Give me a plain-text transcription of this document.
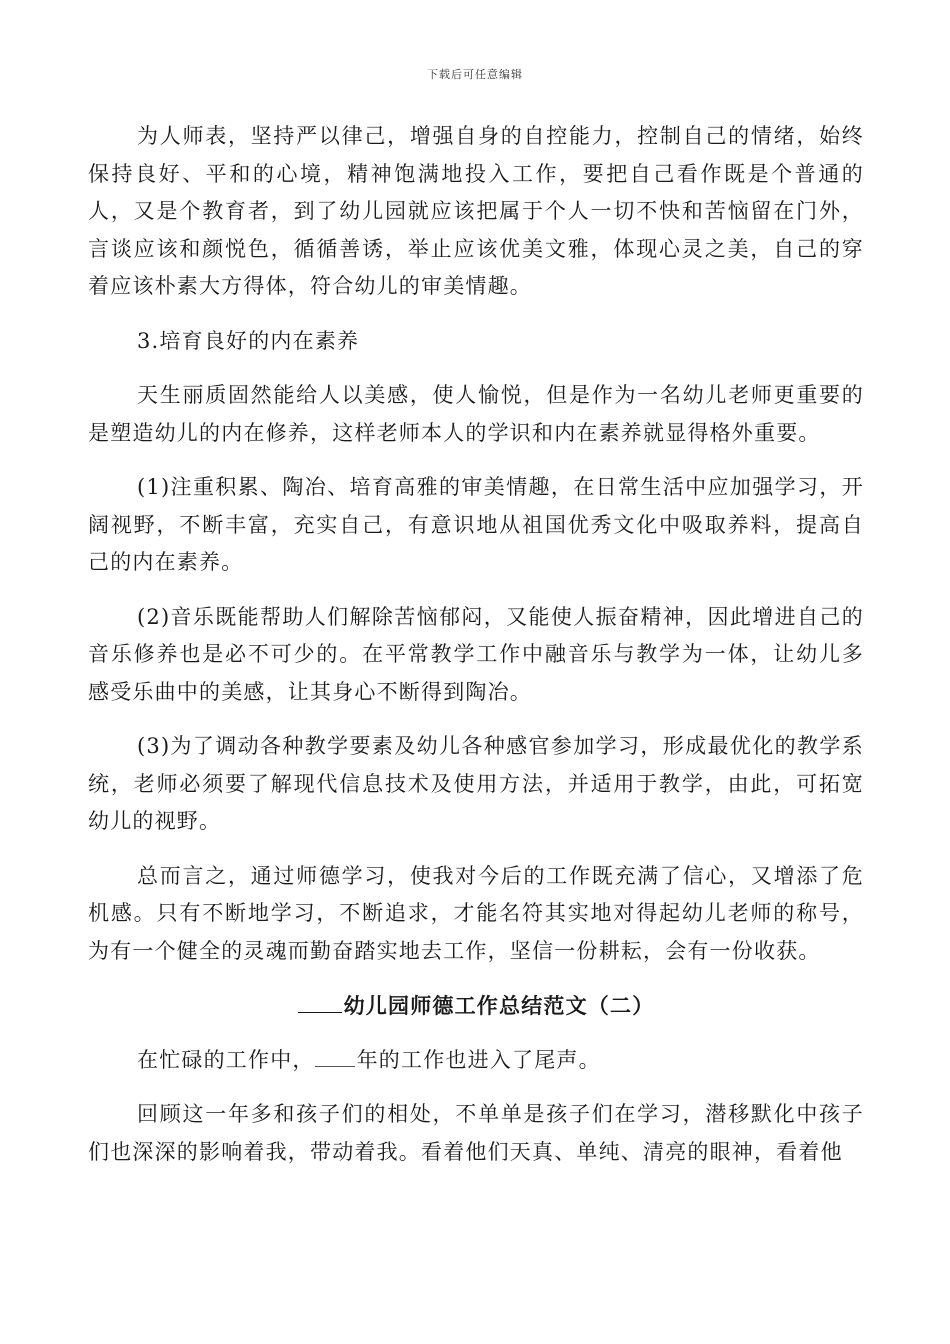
下载后可任意编辑

为人师表，坚持严以律己，增强自身的自控能力，控制自己的情绪，始终保持良好、平和的心境，精神饱满地投入工作，要把自己看作既是个普通的人，又是个教育者，到了幼儿园就应该把属于个人一切不快和苦恼留在门外，言谈应该和颜悦色，循循善诱，举止应该优美文雅，体现心灵之美，自己的穿着应该朴素大方得体，符合幼儿的审美情趣。

3.培育良好的内在素养

天生丽质固然能给人以美感，使人愉悦，但是作为一名幼儿老师更重要的是塑造幼儿的内在修养，这样老师本人的学识和内在素养就显得格外重要。

(1)注重积累、陶冶、培育高雅的审美情趣，在日常生活中应加强学习，开阔视野，不断丰富，充实自己，有意识地从祖国优秀文化中吸取养料，提高自己的内在素养。

(2)音乐既能帮助人们解除苦恼郁闷，又能使人振奋精神，因此增进自己的音乐修养也是必不可少的。在平常教学工作中融音乐与教学为一体，让幼儿多感受乐曲中的美感，让其身心不断得到陶冶。

(3)为了调动各种教学要素及幼儿各种感官参加学习，形成最优化的教学系统，老师必须要了解现代信息技术及使用方法，并适用于教学，由此，可拓宽幼儿的视野。

总而言之，通过师德学习，使我对今后的工作既充满了信心，又增添了危机感。只有不断地学习，不断追求，才能名符其实地对得起幼儿老师的称号，为有一个健全的灵魂而勤奋踏实地去工作，坚信一份耕耘，会有一份收获。

幼儿园师德工作总结范文（二）

在忙碌的工作中， 年的工作也进入了尾声。

回顾这一年多和孩子们的相处，不单单是孩子们在学习，潜移默化中孩子们也深深的影响着我，带动着我。看着他们天真、单纯、清亮的眼神，看着他
